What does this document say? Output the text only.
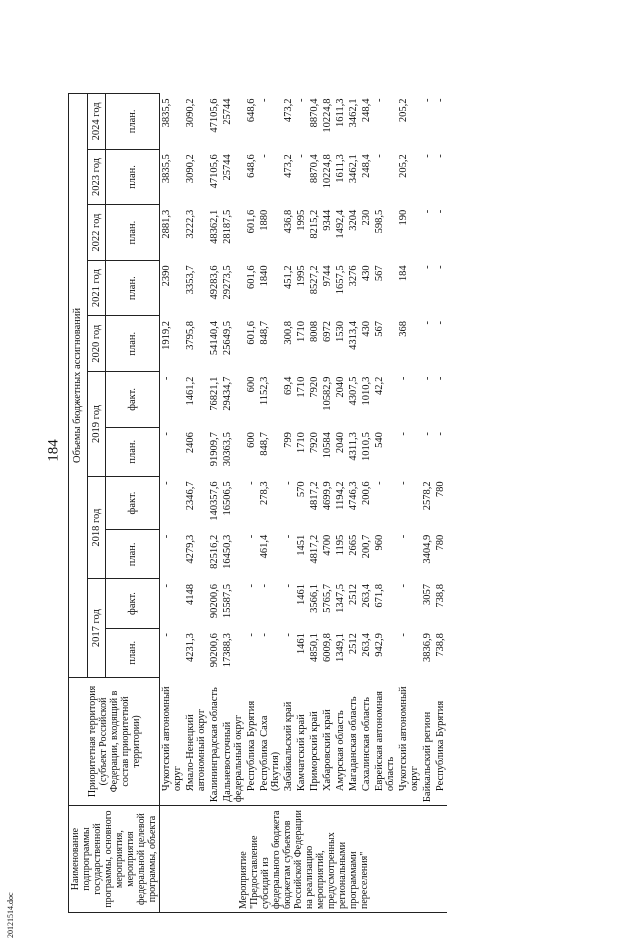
184
20121514.doc
Наименование подпрограммы государственной программы, основного мероприятия, мероприятия федеральной целевой программы, объекта	Приоритетная территория (субъект Российской Федерации, входящий в состав приоритетной территории)	Объемы бюджетных ассигнований										
		2017 год		2018 год		2019 год		2020 год	2021 год	2022 год	2023 год	2024 год
		план.	факт.	план.	факт.	план.	факт.	план.	план.	план.	план.	план.
Мероприятие "Предоставление субсидий из федерального бюджета бюджетам субъектов Российской Федерации на реализацию мероприятий, предусмотренных региональными программами переселения"	Чукотский автономный округ	-	-	-	-	-	-	1919,2	2390	2881,3	3835,5	3835,5
	Ямало-Ненецкий автономный округ	4231,3	4148	4279,3	2346,7	2406	1461,2	3795,8	3353,7	3222,3	3090,2	3090,2
	Калининградская область	90200,6	90200,6	82516,2	140357,6	91909,7	76821,1	54140,4	49283,6	48362,1	47105,6	47105,6
	Дальневосточный федеральный округ	17388,3	15587,5	16450,3	16506,5	30363,5	29434,7	25649,5	29273,5	28187,5	25744	25744
	Республика Бурятия	-	-	-	-	600	600	601,6	601,6	601,6	648,6	648,6
	Республика Саха (Якутия)	-	-	461,4	278,3	848,7	1152,3	848,7	1840	1880	-	-
	Забайкальский край	-	-	-	-	799	69,4	300,8	451,2	436,8	473,2	473,2
	Камчатский край	1461	1461	1451	570	1710	1710	1710	1995	1995	-	-
	Приморский край	4850,1	3566,1	4817,2	4817,2	7920	7920	8008	8527,2	8215,2	8870,4	8870,4
	Хабаровский край	6009,8	5765,7	4700	4699,9	10584	10582,9	6972	9744	9344	10224,8	10224,8
	Амурская область	1349,1	1347,5	1195	1194,2	2040	2040	1530	1657,5	1492,4	1611,3	1611,3
	Магаданская область	2512	2512	2665	4746,3	4311,3	4307,5	4313,4	3276	3204	3462,1	3462,1
	Сахалинская область	263,4	263,4	200,7	200,6	1010,5	1010,3	430	430	230	248,4	248,4
	Еврейская автономная область	942,9	671,8	960	-	540	42,2	567	567	598,5	-	-
	Чукотский автономный округ	-	-	-	-	-	-	368	184	190	205,2	205,2
	Байкальский регион	3836,9	3057	3404,9	2578,2	-	-	-	-	-	-	-
	Республика Бурятия	738,8	738,8	780	780	-	-	-	-	-	-	-
